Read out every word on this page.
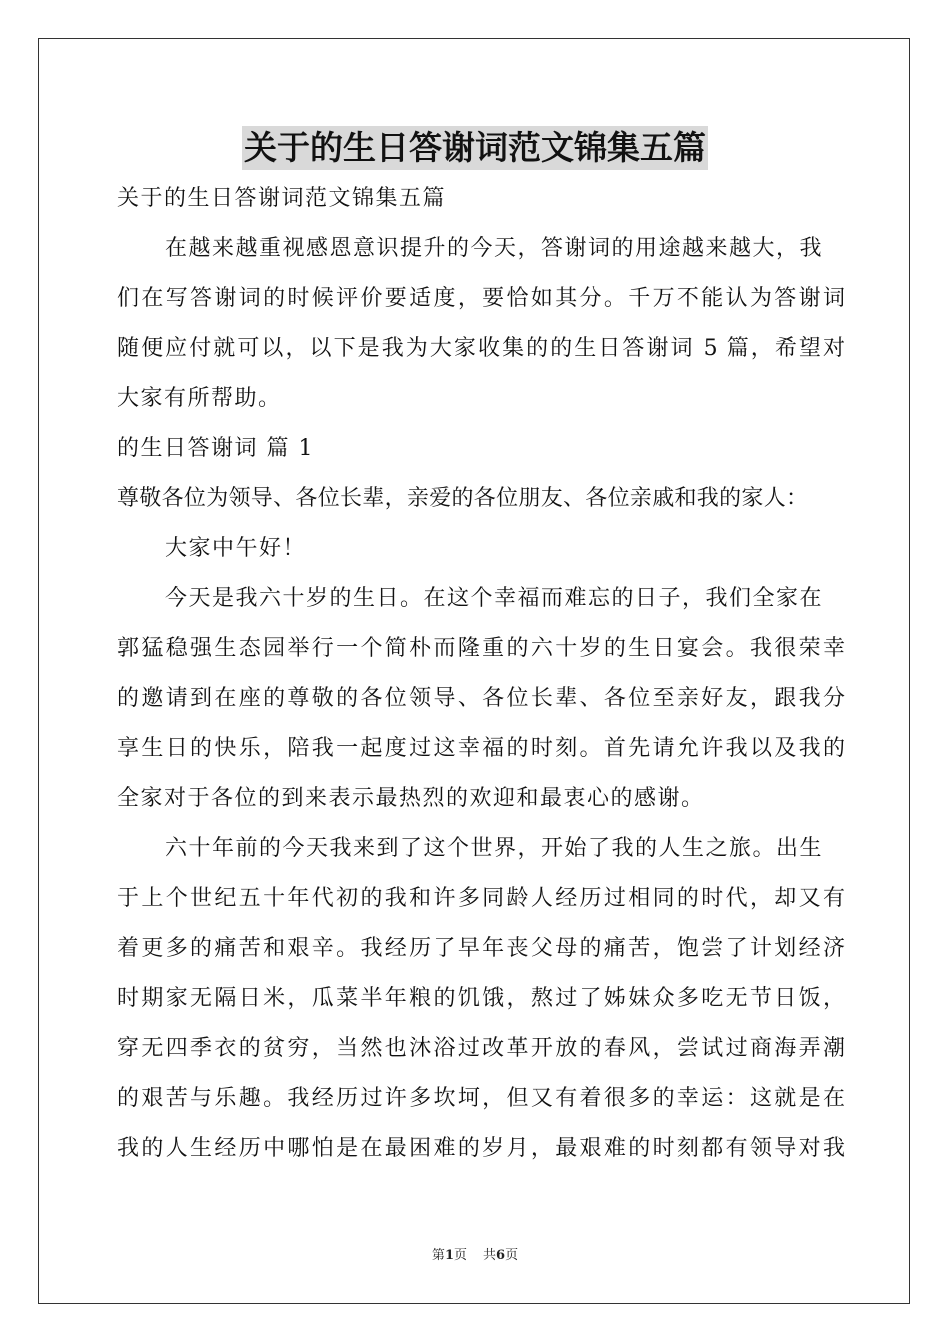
关于的生日答谢词范文锦集五篇
关于的生日答谢词范文锦集五篇
在越来越重视感恩意识提升的今天，答谢词的用途越来越大，我
们在写答谢词的时候评价要适度，要恰如其分。千万不能认为答谢词
随便应付就可以，以下是我为大家收集的的生日答谢词 5 篇，希望对
大家有所帮助。
的生日答谢词 篇 1
尊敬各位为领导、各位长辈，亲爱的各位朋友、各位亲戚和我的家人：
大家中午好！
今天是我六十岁的生日。在这个幸福而难忘的日子，我们全家在
郭猛稳强生态园举行一个简朴而隆重的六十岁的生日宴会。我很荣幸
的邀请到在座的尊敬的各位领导、各位长辈、各位至亲好友，跟我分
享生日的快乐，陪我一起度过这幸福的时刻。首先请允许我以及我的
全家对于各位的到来表示最热烈的欢迎和最衷心的感谢。
六十年前的今天我来到了这个世界，开始了我的人生之旅。出生
于上个世纪五十年代初的我和许多同龄人经历过相同的时代，却又有
着更多的痛苦和艰辛。我经历了早年丧父母的痛苦，饱尝了计划经济
时期家无隔日米，瓜菜半年粮的饥饿，熬过了姊妹众多吃无节日饭，
穿无四季衣的贫穷，当然也沐浴过改革开放的春风，尝试过商海弄潮
的艰苦与乐趣。我经历过许多坎坷，但又有着很多的幸运：这就是在
我的人生经历中哪怕是在最困难的岁月，最艰难的时刻都有领导对我
第1页 共6页
